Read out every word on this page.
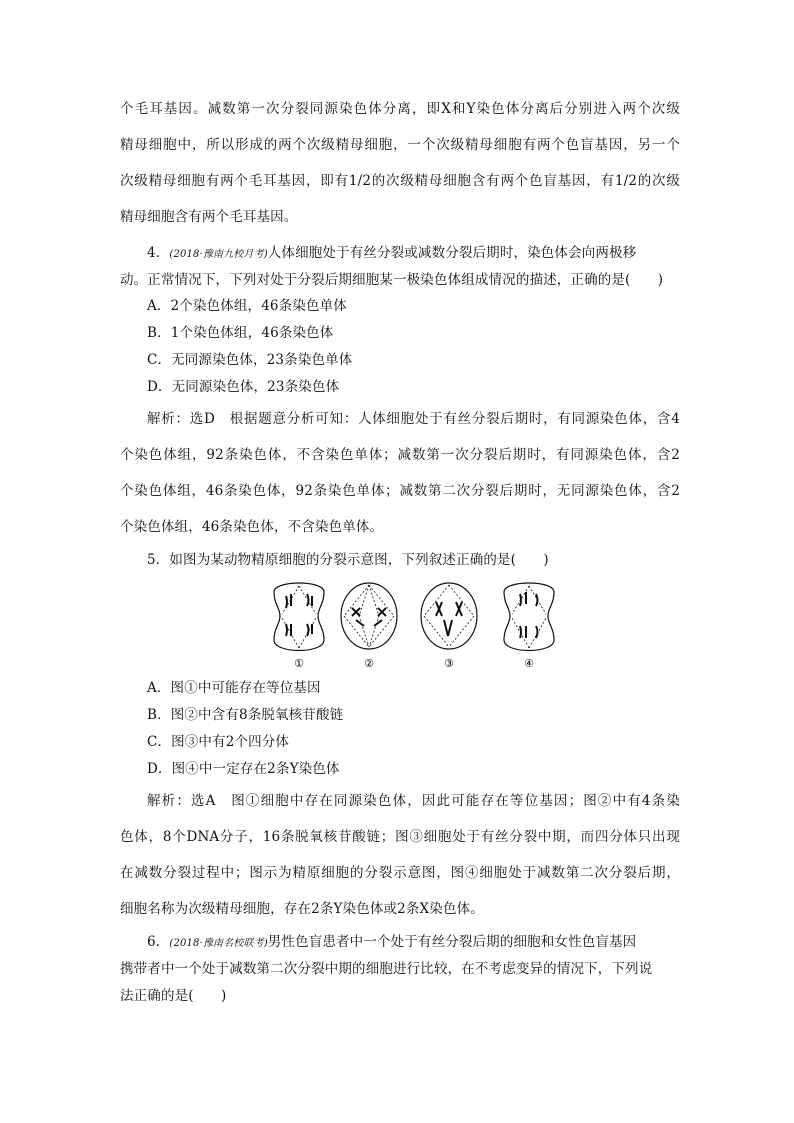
个毛耳基因。减数第一次分裂同源染色体分离，即X和Y染色体分离后分别进入两个次级
精母细胞中，所以形成的两个次级精母细胞，一个次级精母细胞有两个色盲基因，另一个
次级精母细胞有两个毛耳基因，即有1/2的次级精母细胞含有两个色盲基因，有1/2的次级
精母细胞含有两个毛耳基因。
4．(2018·豫南九校月考)人体细胞处于有丝分裂或减数分裂后期时，染色体会向两极移
动。正常情况下，下列对处于分裂后期细胞某一极染色体组成情况的描述，正确的是(　　)
A．2个染色体组，46条染色单体
B．1个染色体组，46条染色体
C．无同源染色体，23条染色单体
D．无同源染色体，23条染色体
解析：选D　根据题意分析可知：人体细胞处于有丝分裂后期时，有同源染色体，含4
个染色体组，92条染色体，不含染色单体；减数第一次分裂后期时，有同源染色体，含2
个染色体组，46条染色体，92条染色单体；减数第二次分裂后期时，无同源染色体，含2
个染色体组，46条染色体，不含染色单体。
5．如图为某动物精原细胞的分裂示意图，下列叙述正确的是(　　)
①	②	③	④
A．图①中可能存在等位基因
B．图②中含有8条脱氧核苷酸链
C．图③中有2个四分体
D．图④中一定存在2条Y染色体
解析：选A　图①细胞中存在同源染色体，因此可能存在等位基因；图②中有4条染
色体，8个DNA分子，16条脱氧核苷酸链；图③细胞处于有丝分裂中期，而四分体只出现
在减数分裂过程中；图示为精原细胞的分裂示意图，图④细胞处于减数第二次分裂后期，
细胞名称为次级精母细胞，存在2条Y染色体或2条X染色体。
6．(2018·豫南名校联考)男性色盲患者中一个处于有丝分裂后期的细胞和女性色盲基因
携带者中一个处于减数第二次分裂中期的细胞进行比较，在不考虑变异的情况下，下列说
法正确的是(　　)
